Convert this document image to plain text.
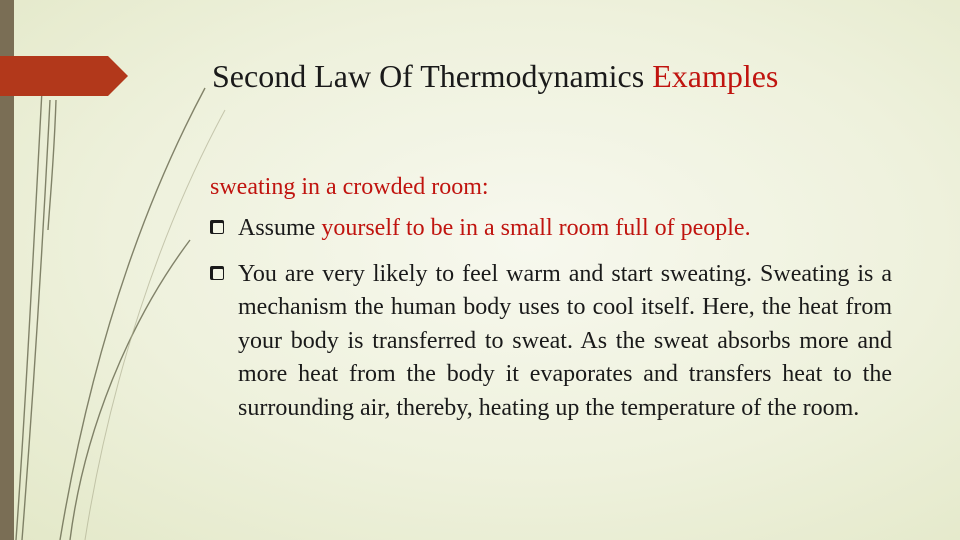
Second Law Of Thermodynamics Examples
sweating in a crowded room:
Assume yourself to be in a small room full of people.
You are very likely to feel warm and start sweating. Sweating is a mechanism the human body uses to cool itself. Here, the heat from your body is transferred to sweat. As the sweat absorbs more and more heat from the body it evaporates and transfers heat to the surrounding air, thereby, heating up the temperature of the room.
